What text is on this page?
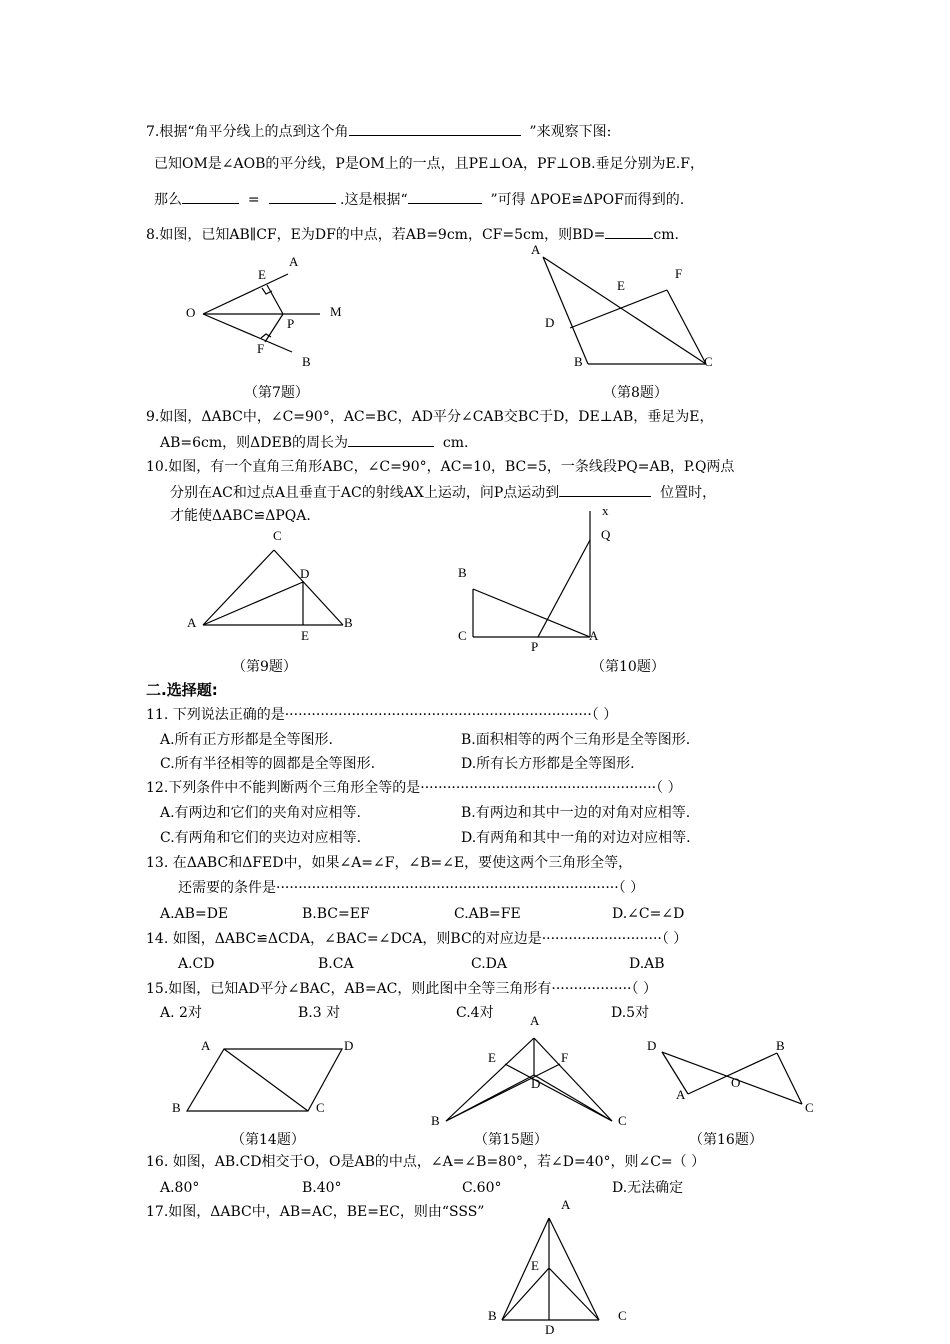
7.根据“角平分线上的点到这个角	”来观察下图:
已知OM是∠AOB的平分线，P是OM上的一点，且PE⊥OA，PF⊥OB.垂足分别为E.F，
那么	=	.这是根据“	”可得 ΔPOE≌ΔPOF而得到的.
8.如图，已知AB∥CF，E为DF的中点，若AB=9cm，CF=5cm，则BD=	cm.
O
E
A
P
M
F
B
A
E
F
D
B	C
C
D
A
E
B
x
Q
B
C
P
A
A	D
B	C
A
E	F
D
B	C
D	B
O
A
C
A
E
B	C
D
（第7题）	（第8题）
9.如图，ΔABC中，∠C=90°，AC=BC，AD平分∠CAB交BC于D，DE⊥AB，垂足为E，
AB=6cm，则ΔDEB的周长为	cm.
10.如图，有一个直角三角形ABC，∠C=90°，AC=10，BC=5，一条线段PQ=AB，P.Q两点
分别在AC和过点A且垂直于AC的射线AX上运动，问P点运动到	位置时，
才能使ΔABC≌ΔPQA.
（第9题）	（第10题）
二.选择题:
11. 下列说法正确的是·····································································（ ）
A.所有正方形都是全等图形.	B.面积相等的两个三角形是全等图形.
C.所有半径相等的圆都是全等图形.	D.所有长方形都是全等图形.
12.下列条件中不能判断两个三角形全等的是·····················································（ ）
A.有两边和它们的夹角对应相等.	B.有两边和其中一边的对角对应相等.
C.有两角和它们的夹边对应相等.	D.有两角和其中一角的对边对应相等.
13. 在ΔABC和ΔFED中，如果∠A=∠F，∠B=∠E，要使这两个三角形全等，
还需要的条件是·············································································（ ）
A.AB=DE	B.BC=EF	C.AB=FE	D.∠C=∠D
14. 如图，ΔABC≌ΔCDA，∠BAC=∠DCA，则BC的对应边是···························（ ）
A.CD	B.CA	C.DA	D.AB
15.如图，已知AD平分∠BAC，AB=AC，则此图中全等三角形有··················（ ）
A. 2对	B.3 对	C.4对	D.5对
（第14题）	（第15题）	（第16题）
16. 如图，AB.CD相交于O，O是AB的中点，∠A=∠B=80°，若∠D=40°，则∠C=（ ）
A.80°	B.40°	C.60°	D.无法确定
17.如图，ΔABC中，AB=AC，BE=EC，则由“SSS”
